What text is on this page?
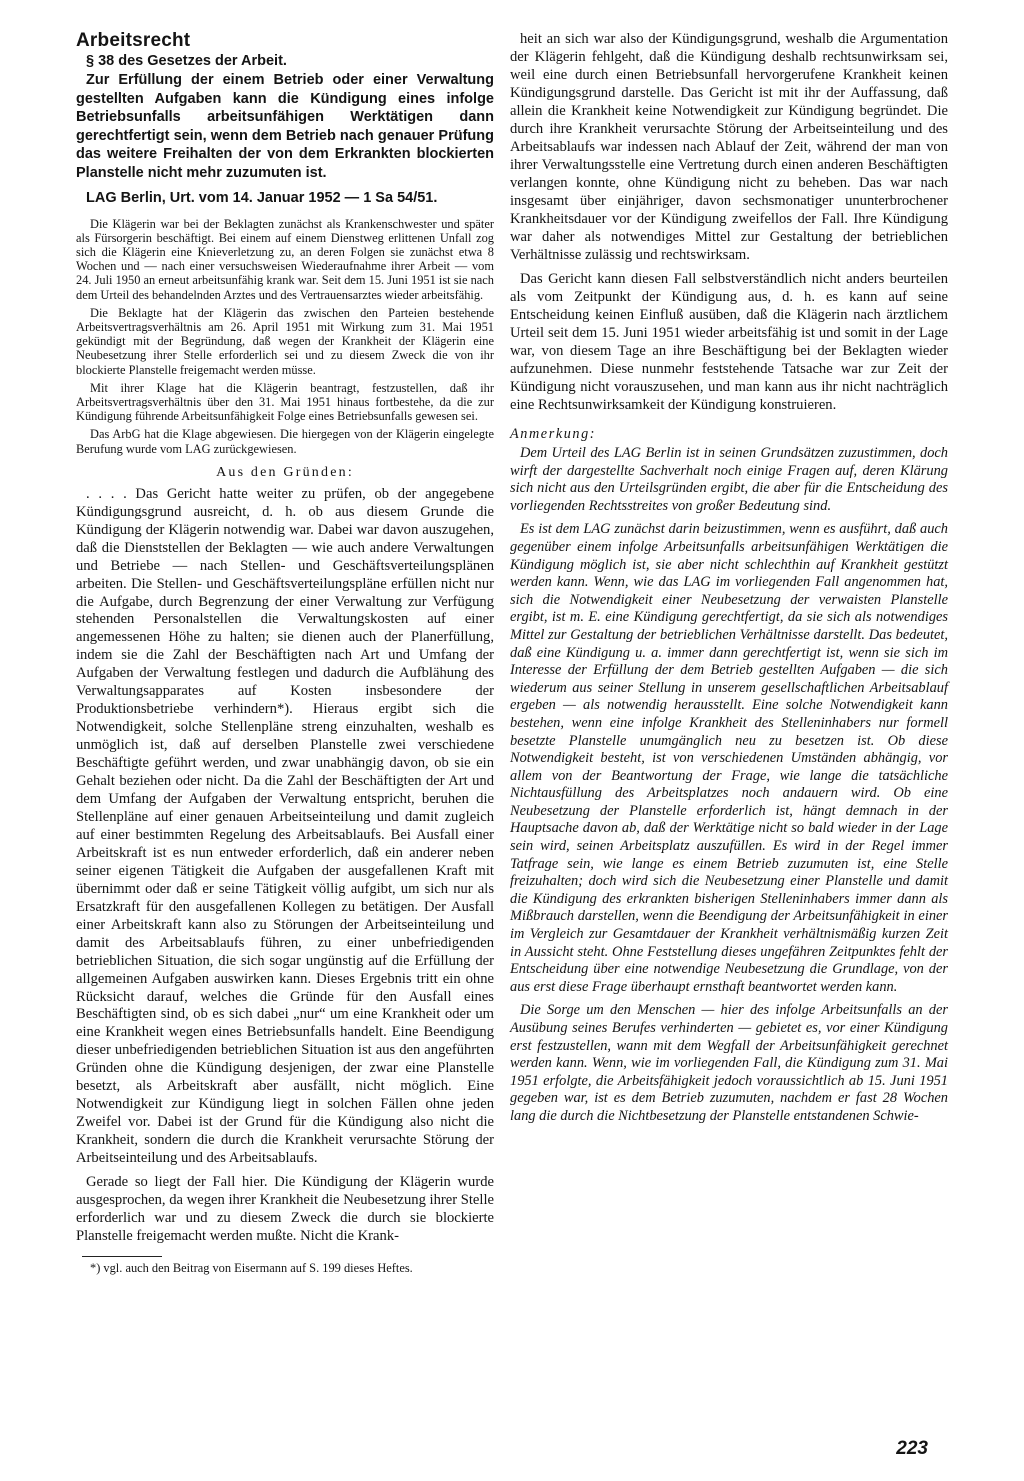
Arbeitsrecht

§ 38 des Gesetzes der Arbeit.

Zur Erfüllung der einem Betrieb oder einer Verwaltung gestellten Aufgaben kann die Kündigung eines infolge Betriebsunfalls arbeitsunfähigen Werktätigen dann gerechtfertigt sein, wenn dem Betrieb nach genauer Prüfung das weitere Freihalten der von dem Erkrankten blockierten Planstelle nicht mehr zuzumuten ist.

LAG Berlin, Urt. vom 14. Januar 1952 — 1 Sa 54/51.

Die Klägerin war bei der Beklagten zunächst als Krankenschwester und später als Fürsorgerin beschäftigt. Bei einem auf einem Dienstweg erlittenen Unfall zog sich die Klägerin eine Knieverletzung zu, an deren Folgen sie zunächst etwa 8 Wochen und — nach einer versuchsweisen Wiederaufnahme ihrer Arbeit — vom 24. Juli 1950 an erneut arbeitsunfähig krank war. Seit dem 15. Juni 1951 ist sie nach dem Urteil des behandelnden Arztes und des Vertrauensarztes wieder arbeitsfähig.

Die Beklagte hat der Klägerin das zwischen den Parteien bestehende Arbeitsvertragsverhältnis am 26. April 1951 mit Wirkung zum 31. Mai 1951 gekündigt mit der Begründung, daß wegen der Krankheit der Klägerin eine Neubesetzung ihrer Stelle erforderlich sei und zu diesem Zweck die von ihr blockierte Planstelle freigemacht werden müsse.

Mit ihrer Klage hat die Klägerin beantragt, festzustellen, daß ihr Arbeitsvertragsverhältnis über den 31. Mai 1951 hinaus fortbestehe, da die zur Kündigung führende Arbeitsunfähigkeit Folge eines Betriebsunfalls gewesen sei.

Das ArbG hat die Klage abgewiesen. Die hiergegen von der Klägerin eingelegte Berufung wurde vom LAG zurückgewiesen.

Aus den Gründen:

. . . . Das Gericht hatte weiter zu prüfen, ob der angegebene Kündigungsgrund ausreicht, d. h. ob aus diesem Grunde die Kündigung der Klägerin notwendig war. Dabei war davon auszugehen, daß die Dienststellen der Beklagten — wie auch andere Verwaltungen und Betriebe — nach Stellen- und Geschäftsverteilungsplänen arbeiten. Die Stellen- und Geschäftsverteilungspläne erfüllen nicht nur die Aufgabe, durch Begrenzung der einer Verwaltung zur Verfügung stehenden Personalstellen die Verwaltungskosten auf einer angemessenen Höhe zu halten; sie dienen auch der Planerfüllung, indem sie die Zahl der Beschäftigten nach Art und Umfang der Aufgaben der Verwaltung festlegen und dadurch die Aufblähung des Verwaltungsapparates auf Kosten insbesondere der Produktionsbetriebe verhindern*). Hieraus ergibt sich die Notwendigkeit, solche Stellenpläne streng einzuhalten, weshalb es unmöglich ist, daß auf derselben Planstelle zwei verschiedene Beschäftigte geführt werden, und zwar unabhängig davon, ob sie ein Gehalt beziehen oder nicht. Da die Zahl der Beschäftigten der Art und dem Umfang der Aufgaben der Verwaltung entspricht, beruhen die Stellenpläne auf einer genauen Arbeitseinteilung und damit zugleich auf einer bestimmten Regelung des Arbeitsablaufs. Bei Ausfall einer Arbeitskraft ist es nun entweder erforderlich, daß ein anderer neben seiner eigenen Tätigkeit die Aufgaben der ausgefallenen Kraft mit übernimmt oder daß er seine Tätigkeit völlig aufgibt, um sich nur als Ersatzkraft für den ausgefallenen Kollegen zu betätigen. Der Ausfall einer Arbeitskraft kann also zu Störungen der Arbeitseinteilung und damit des Arbeitsablaufs führen, zu einer unbefriedigenden betrieblichen Situation, die sich sogar ungünstig auf die Erfüllung der allgemeinen Aufgaben auswirken kann. Dieses Ergebnis tritt ein ohne Rücksicht darauf, welches die Gründe für den Ausfall eines Beschäftigten sind, ob es sich dabei „nur“ um eine Krankheit oder um eine Krankheit wegen eines Betriebsunfalls handelt. Eine Beendigung dieser unbefriedigenden betrieblichen Situation ist aus den angeführten Gründen ohne die Kündigung desjenigen, der zwar eine Planstelle besetzt, als Arbeitskraft aber ausfällt, nicht möglich. Eine Notwendigkeit zur Kündigung liegt in solchen Fällen ohne jeden Zweifel vor. Dabei ist der Grund für die Kündigung also nicht die Krankheit, sondern die durch die Krankheit verursachte Störung der Arbeitseinteilung und des Arbeitsablaufs.

Gerade so liegt der Fall hier. Die Kündigung der Klägerin wurde ausgesprochen, da wegen ihrer Krankheit die Neubesetzung ihrer Stelle erforderlich war und zu diesem Zweck die durch sie blockierte Planstelle freigemacht werden mußte. Nicht die Krank-

*) vgl. auch den Beitrag von Eisermann auf S. 199 dieses Heftes.

heit an sich war also der Kündigungsgrund, weshalb die Argumentation der Klägerin fehlgeht, daß die Kündigung deshalb rechtsunwirksam sei, weil eine durch einen Betriebsunfall hervorgerufene Krankheit keinen Kündigungsgrund darstelle. Das Gericht ist mit ihr der Auffassung, daß allein die Krankheit keine Notwendigkeit zur Kündigung begründet. Die durch ihre Krankheit verursachte Störung der Arbeitseinteilung und des Arbeitsablaufs war indessen nach Ablauf der Zeit, während der man von ihrer Verwaltungsstelle eine Vertretung durch einen anderen Beschäftigten verlangen konnte, ohne Kündigung nicht zu beheben. Das war nach insgesamt über einjähriger, davon sechsmonatiger ununterbrochener Krankheitsdauer vor der Kündigung zweifellos der Fall. Ihre Kündigung war daher als notwendiges Mittel zur Gestaltung der betrieblichen Verhältnisse zulässig und rechtswirksam.

Das Gericht kann diesen Fall selbstverständlich nicht anders beurteilen als vom Zeitpunkt der Kündigung aus, d. h. es kann auf seine Entscheidung keinen Einfluß ausüben, daß die Klägerin nach ärztlichem Urteil seit dem 15. Juni 1951 wieder arbeitsfähig ist und somit in der Lage war, von diesem Tage an ihre Beschäftigung bei der Beklagten wieder aufzunehmen. Diese nunmehr feststehende Tatsache war zur Zeit der Kündigung nicht vorauszusehen, und man kann aus ihr nicht nachträglich eine Rechtsunwirksamkeit der Kündigung konstruieren.

Anmerkung:

Dem Urteil des LAG Berlin ist in seinen Grundsätzen zuzustimmen, doch wirft der dargestellte Sachverhalt noch einige Fragen auf, deren Klärung sich nicht aus den Urteilsgründen ergibt, die aber für die Entscheidung des vorliegenden Rechtsstreites von großer Bedeutung sind.

Es ist dem LAG zunächst darin beizustimmen, wenn es ausführt, daß auch gegenüber einem infolge Arbeitsunfalls arbeitsunfähigen Werktätigen die Kündigung möglich ist, sie aber nicht schlechthin auf Krankheit gestützt werden kann. Wenn, wie das LAG im vorliegenden Fall angenommen hat, sich die Notwendigkeit einer Neubesetzung der verwaisten Planstelle ergibt, ist m. E. eine Kündigung gerechtfertigt, da sie sich als notwendiges Mittel zur Gestaltung der betrieblichen Verhältnisse darstellt. Das bedeutet, daß eine Kündigung u. a. immer dann gerechtfertigt ist, wenn sie sich im Interesse der Erfüllung der dem Betrieb gestellten Aufgaben — die sich wiederum aus seiner Stellung in unserem gesellschaftlichen Arbeitsablauf ergeben — als notwendig herausstellt. Eine solche Notwendigkeit kann bestehen, wenn eine infolge Krankheit des Stelleninhabers nur formell besetzte Planstelle unumgänglich neu zu besetzen ist. Ob diese Notwendigkeit besteht, ist von verschiedenen Umständen abhängig, vor allem von der Beantwortung der Frage, wie lange die tatsächliche Nichtausfüllung des Arbeitsplatzes noch andauern wird. Ob eine Neubesetzung der Planstelle erforderlich ist, hängt demnach in der Hauptsache davon ab, daß der Werktätige nicht so bald wieder in der Lage sein wird, seinen Arbeitsplatz auszufüllen. Es wird in der Regel immer Tatfrage sein, wie lange es einem Betrieb zuzumuten ist, eine Stelle freizuhalten; doch wird sich die Neubesetzung einer Planstelle und damit die Kündigung des erkrankten bisherigen Stelleninhabers immer dann als Mißbrauch darstellen, wenn die Beendigung der Arbeitsunfähigkeit in einer im Vergleich zur Gesamtdauer der Krankheit verhältnismäßig kurzen Zeit in Aussicht steht. Ohne Feststellung dieses ungefähren Zeitpunktes fehlt der Entscheidung über eine notwendige Neubesetzung die Grundlage, von der aus erst diese Frage überhaupt ernsthaft beantwortet werden kann.

Die Sorge um den Menschen — hier des infolge Arbeitsunfalls an der Ausübung seines Berufes verhinderten — gebietet es, vor einer Kündigung erst festzustellen, wann mit dem Wegfall der Arbeitsunfähigkeit gerechnet werden kann. Wenn, wie im vorliegenden Fall, die Kündigung zum 31. Mai 1951 erfolgte, die Arbeitsfähigkeit jedoch voraussichtlich ab 15. Juni 1951 gegeben war, ist es dem Betrieb zuzumuten, nachdem er fast 28 Wochen lang die durch die Nichtbesetzung der Planstelle entstandenen Schwie-

223
